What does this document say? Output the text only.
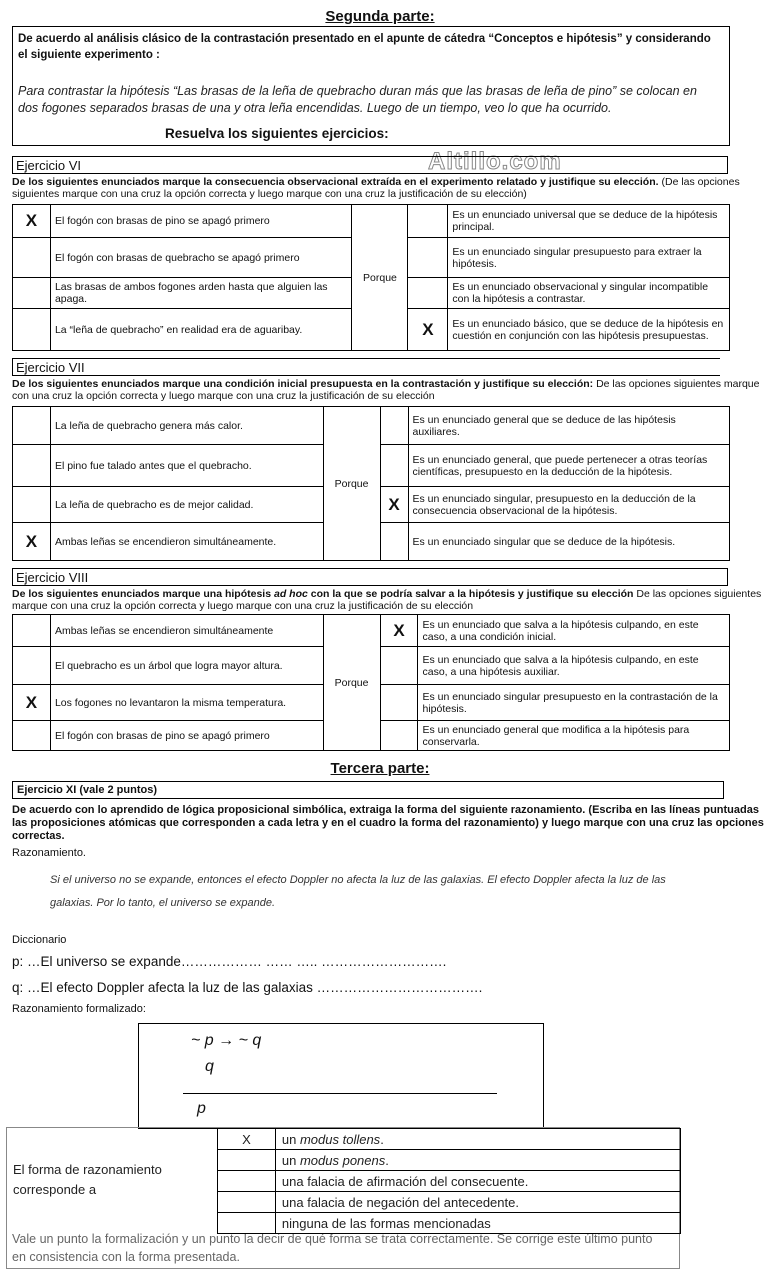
Segunda parte:
De acuerdo al análisis clásico de la contrastación presentado en el apunte de cátedra “Conceptos e hipótesis” y considerando el siguiente experimento :
Para contrastar la hipótesis “Las brasas de la leña de quebracho duran más que las brasas de leña de pino” se colocan en dos fogones separados brasas de una y otra leña encendidas. Luego de un tiempo, veo lo que ha ocurrido.
Resuelva los siguientes ejercicios:
Altillo.com
Ejercicio VI
De los siguientes enunciados marque la consecuencia observacional extraída en el experimento relatado y justifique su elección. (De las opciones siguientes marque con una cruz la opción correcta y luego marque con una cruz la justificación de su elección)
X	El fogón con brasas de pino se apagó primero	Porque		Es un enunciado universal que se deduce de la hipótesis principal.
	El fogón con brasas de quebracho se apagó primero			Es un enunciado singular presupuesto para extraer la hipótesis.
	Las brasas de ambos fogones arden hasta que alguien las apaga.			Es un enunciado observacional y singular incompatible con la hipótesis a contrastar.
	La “leña de quebracho” en realidad era de aguaribay.		X	Es un enunciado básico, que se deduce de la hipótesis en cuestión en conjunción con las hipótesis presupuestas.
Ejercicio VII
De los siguientes enunciados marque una condición inicial presupuesta en la contrastación y justifique su elección: De las opciones siguientes marque con una cruz la opción correcta y luego marque con una cruz la justificación de su elección
	La leña de quebracho genera más calor.	Porque		Es un enunciado general que se deduce de las hipótesis auxiliares.
	El pino fue talado antes que el quebracho.			Es un enunciado general, que puede pertenecer a otras teorías científicas, presupuesto en la deducción de la hipótesis.
	La leña de quebracho es de mejor calidad.		X	Es un enunciado singular, presupuesto en la deducción de la consecuencia observacional de la hipótesis.
X	Ambas leñas se encendieron simultáneamente.			Es un enunciado singular que se deduce de la hipótesis.
Ejercicio VIII
De los siguientes enunciados marque una hipótesis ad hoc con la que se podría salvar a la hipótesis y justifique su elección De las opciones siguientes marque con una cruz la opción correcta y luego marque con una cruz la justificación de su elección
	Ambas leñas se encendieron simultáneamente	Porque	X	Es un enunciado que salva a la hipótesis culpando, en este caso, a una condición inicial.
	El quebracho es un árbol que logra mayor altura.			Es un enunciado que salva a la hipótesis culpando, en este caso, a una hipótesis auxiliar.
X	Los fogones no levantaron la misma temperatura.			Es un enunciado singular presupuesto en la contrastación de la hipótesis.
	El fogón con brasas de pino se apagó primero			Es un enunciado general que modifica a la hipótesis para conservarla.
Tercera parte:
Ejercicio XI (vale 2 puntos)
De acuerdo con lo aprendido de lógica proposicional simbólica, extraiga la forma del siguiente razonamiento. (Escriba en las líneas puntuadas las proposiciones atómicas que corresponden a cada letra y en el cuadro la forma del razonamiento) y luego marque con una cruz las opciones correctas.
Razonamiento.
Si el universo no se expande, entonces el efecto Doppler no afecta la luz de las galaxias. El efecto Doppler afecta la luz de las
galaxias. Por lo tanto, el universo se expande.
Diccionario
p: …El universo se expande……………… …… ….. ……………………….
q: …El efecto Doppler afecta la luz de las galaxias ……………………………….
Razonamiento formalizado:
~ p → ~ q
q
p
El forma de razonamiento corresponde a
Vale un punto la formalización y un punto la decir de qué forma se trata correctamente. Se corrige este último punto en consistencia con la forma presentada.
X	un modus tollens.
	un modus ponens.
	una falacia de afirmación del consecuente.
	una falacia de negación del antecedente.
	ninguna de las formas mencionadas
